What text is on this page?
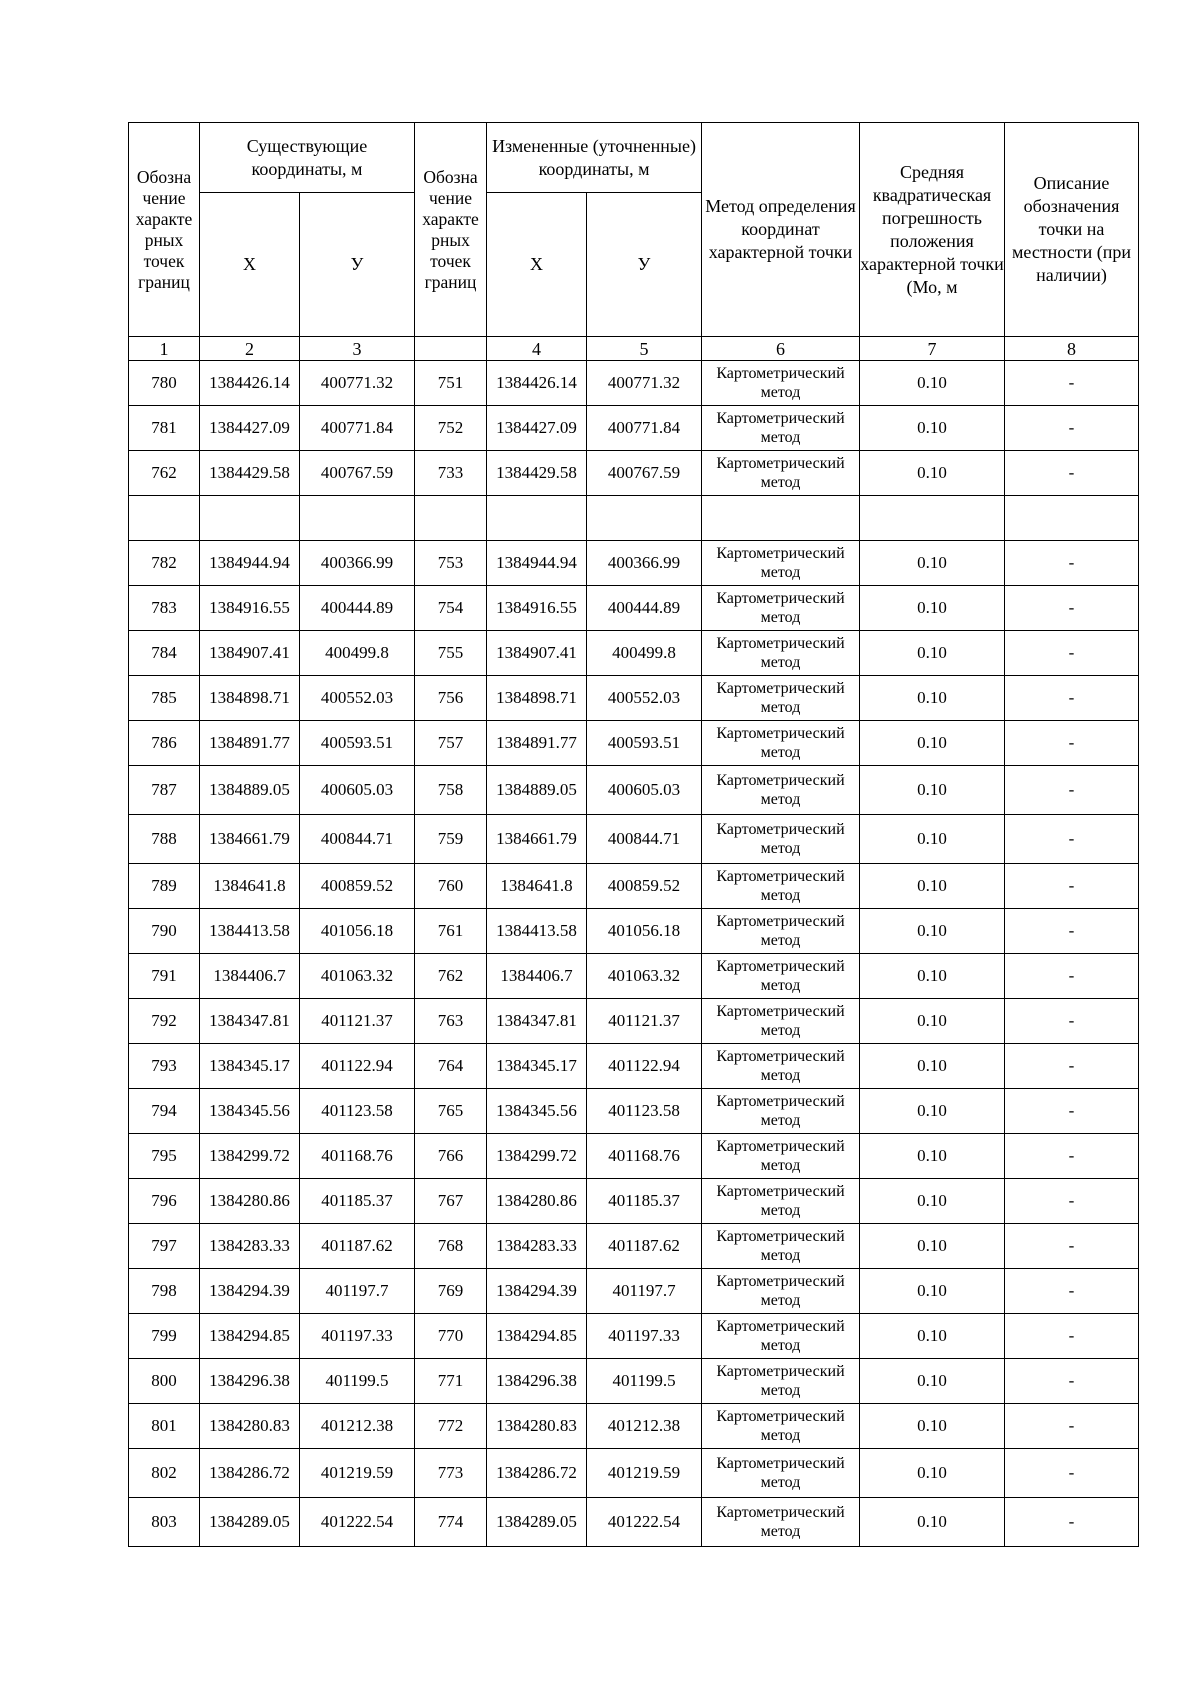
Обозна чение характе рных точек границ	Существующие координаты, м		Обозна чение характе рных точек границ	Измененные (уточненные) координаты, м		Метод определения координат характерной точки	Средняя квадратическая погрешность положения характерной точки (Мо, м	Описание обозначения точки на местности (при наличии)
	Х	У		Х	У			
1	2	3		4	5	6	7	8
780	1384426.14	400771.32	751	1384426.14	400771.32	Картометрический метод	0.10	-
781	1384427.09	400771.84	752	1384427.09	400771.84	Картометрический метод	0.10	-
762	1384429.58	400767.59	733	1384429.58	400767.59	Картометрический метод	0.10	-

782	1384944.94	400366.99	753	1384944.94	400366.99	Картометрический метод	0.10	-
783	1384916.55	400444.89	754	1384916.55	400444.89	Картометрический метод	0.10	-
784	1384907.41	400499.8	755	1384907.41	400499.8	Картометрический метод	0.10	-
785	1384898.71	400552.03	756	1384898.71	400552.03	Картометрический метод	0.10	-
786	1384891.77	400593.51	757	1384891.77	400593.51	Картометрический метод	0.10	-
787	1384889.05	400605.03	758	1384889.05	400605.03	Картометрический метод	0.10	-
788	1384661.79	400844.71	759	1384661.79	400844.71	Картометрический метод	0.10	-
789	1384641.8	400859.52	760	1384641.8	400859.52	Картометрический метод	0.10	-
790	1384413.58	401056.18	761	1384413.58	401056.18	Картометрический метод	0.10	-
791	1384406.7	401063.32	762	1384406.7	401063.32	Картометрический метод	0.10	-
792	1384347.81	401121.37	763	1384347.81	401121.37	Картометрический метод	0.10	-
793	1384345.17	401122.94	764	1384345.17	401122.94	Картометрический метод	0.10	-
794	1384345.56	401123.58	765	1384345.56	401123.58	Картометрический метод	0.10	-
795	1384299.72	401168.76	766	1384299.72	401168.76	Картометрический метод	0.10	-
796	1384280.86	401185.37	767	1384280.86	401185.37	Картометрический метод	0.10	-
797	1384283.33	401187.62	768	1384283.33	401187.62	Картометрический метод	0.10	-
798	1384294.39	401197.7	769	1384294.39	401197.7	Картометрический метод	0.10	-
799	1384294.85	401197.33	770	1384294.85	401197.33	Картометрический метод	0.10	-
800	1384296.38	401199.5	771	1384296.38	401199.5	Картометрический метод	0.10	-
801	1384280.83	401212.38	772	1384280.83	401212.38	Картометрический метод	0.10	-
802	1384286.72	401219.59	773	1384286.72	401219.59	Картометрический метод	0.10	-
803	1384289.05	401222.54	774	1384289.05	401222.54	Картометрический метод	0.10	-
